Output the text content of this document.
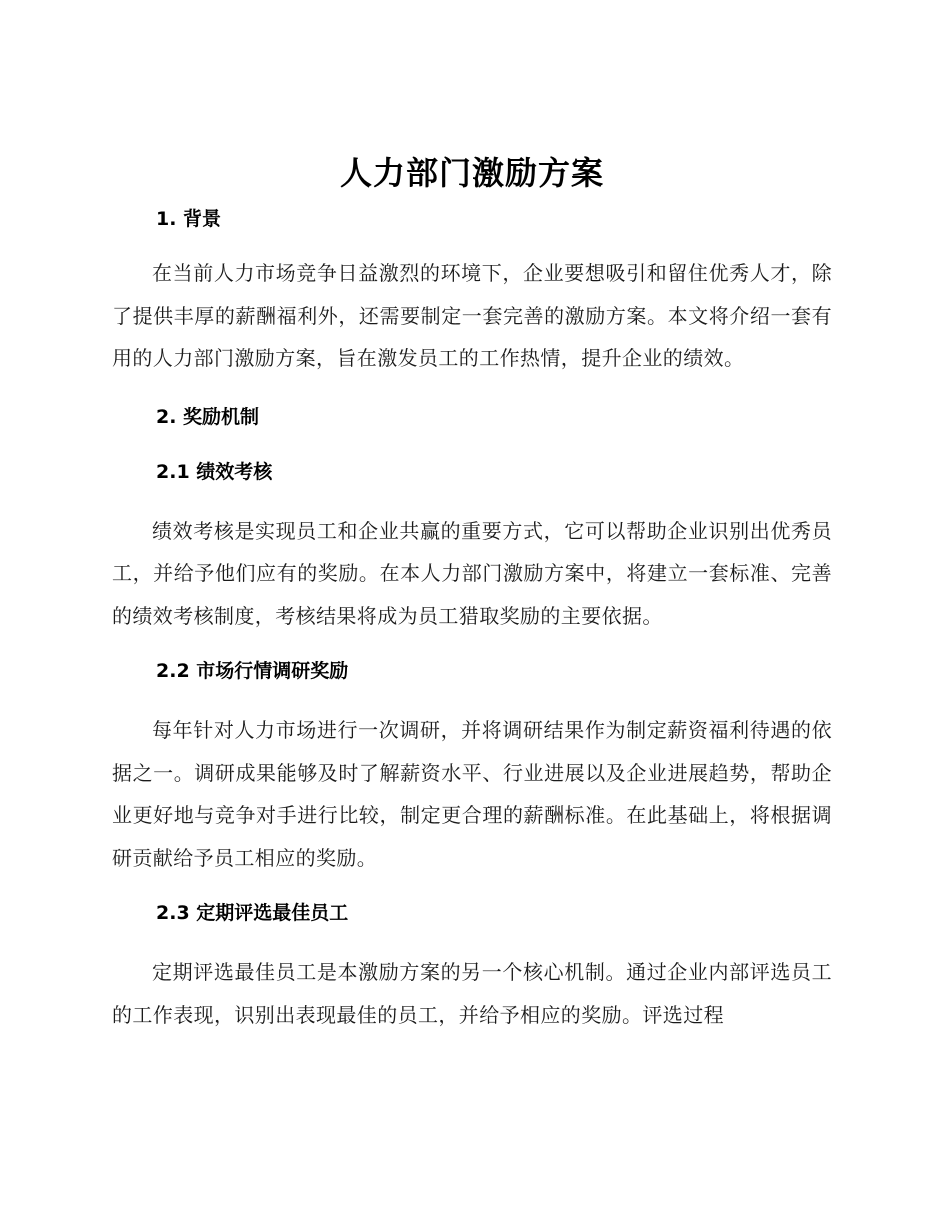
人力部门激励方案
1. 背景

在当前人力市场竞争日益激烈的环境下，企业要想吸引和留住优秀人才，除了提供丰厚的薪酬福利外，还需要制定一套完善的激励方案。本文将介绍一套有用的人力部门激励方案，旨在激发员工的工作热情，提升企业的绩效。

2. 奖励机制
2.1 绩效考核

绩效考核是实现员工和企业共赢的重要方式，它可以帮助企业识别出优秀员工，并给予他们应有的奖励。在本人力部门激励方案中，将建立一套标准、完善的绩效考核制度，考核结果将成为员工猎取奖励的主要依据。

2.2 市场行情调研奖励

每年针对人力市场进行一次调研，并将调研结果作为制定薪资福利待遇的依据之一。调研成果能够及时了解薪资水平、行业进展以及企业进展趋势，帮助企业更好地与竞争对手进行比较，制定更合理的薪酬标准。在此基础上，将根据调研贡献给予员工相应的奖励。

2.3 定期评选最佳员工

定期评选最佳员工是本激励方案的另一个核心机制。通过企业内部评选员工的工作表现，识别出表现最佳的员工，并给予相应的奖励。评选过程
